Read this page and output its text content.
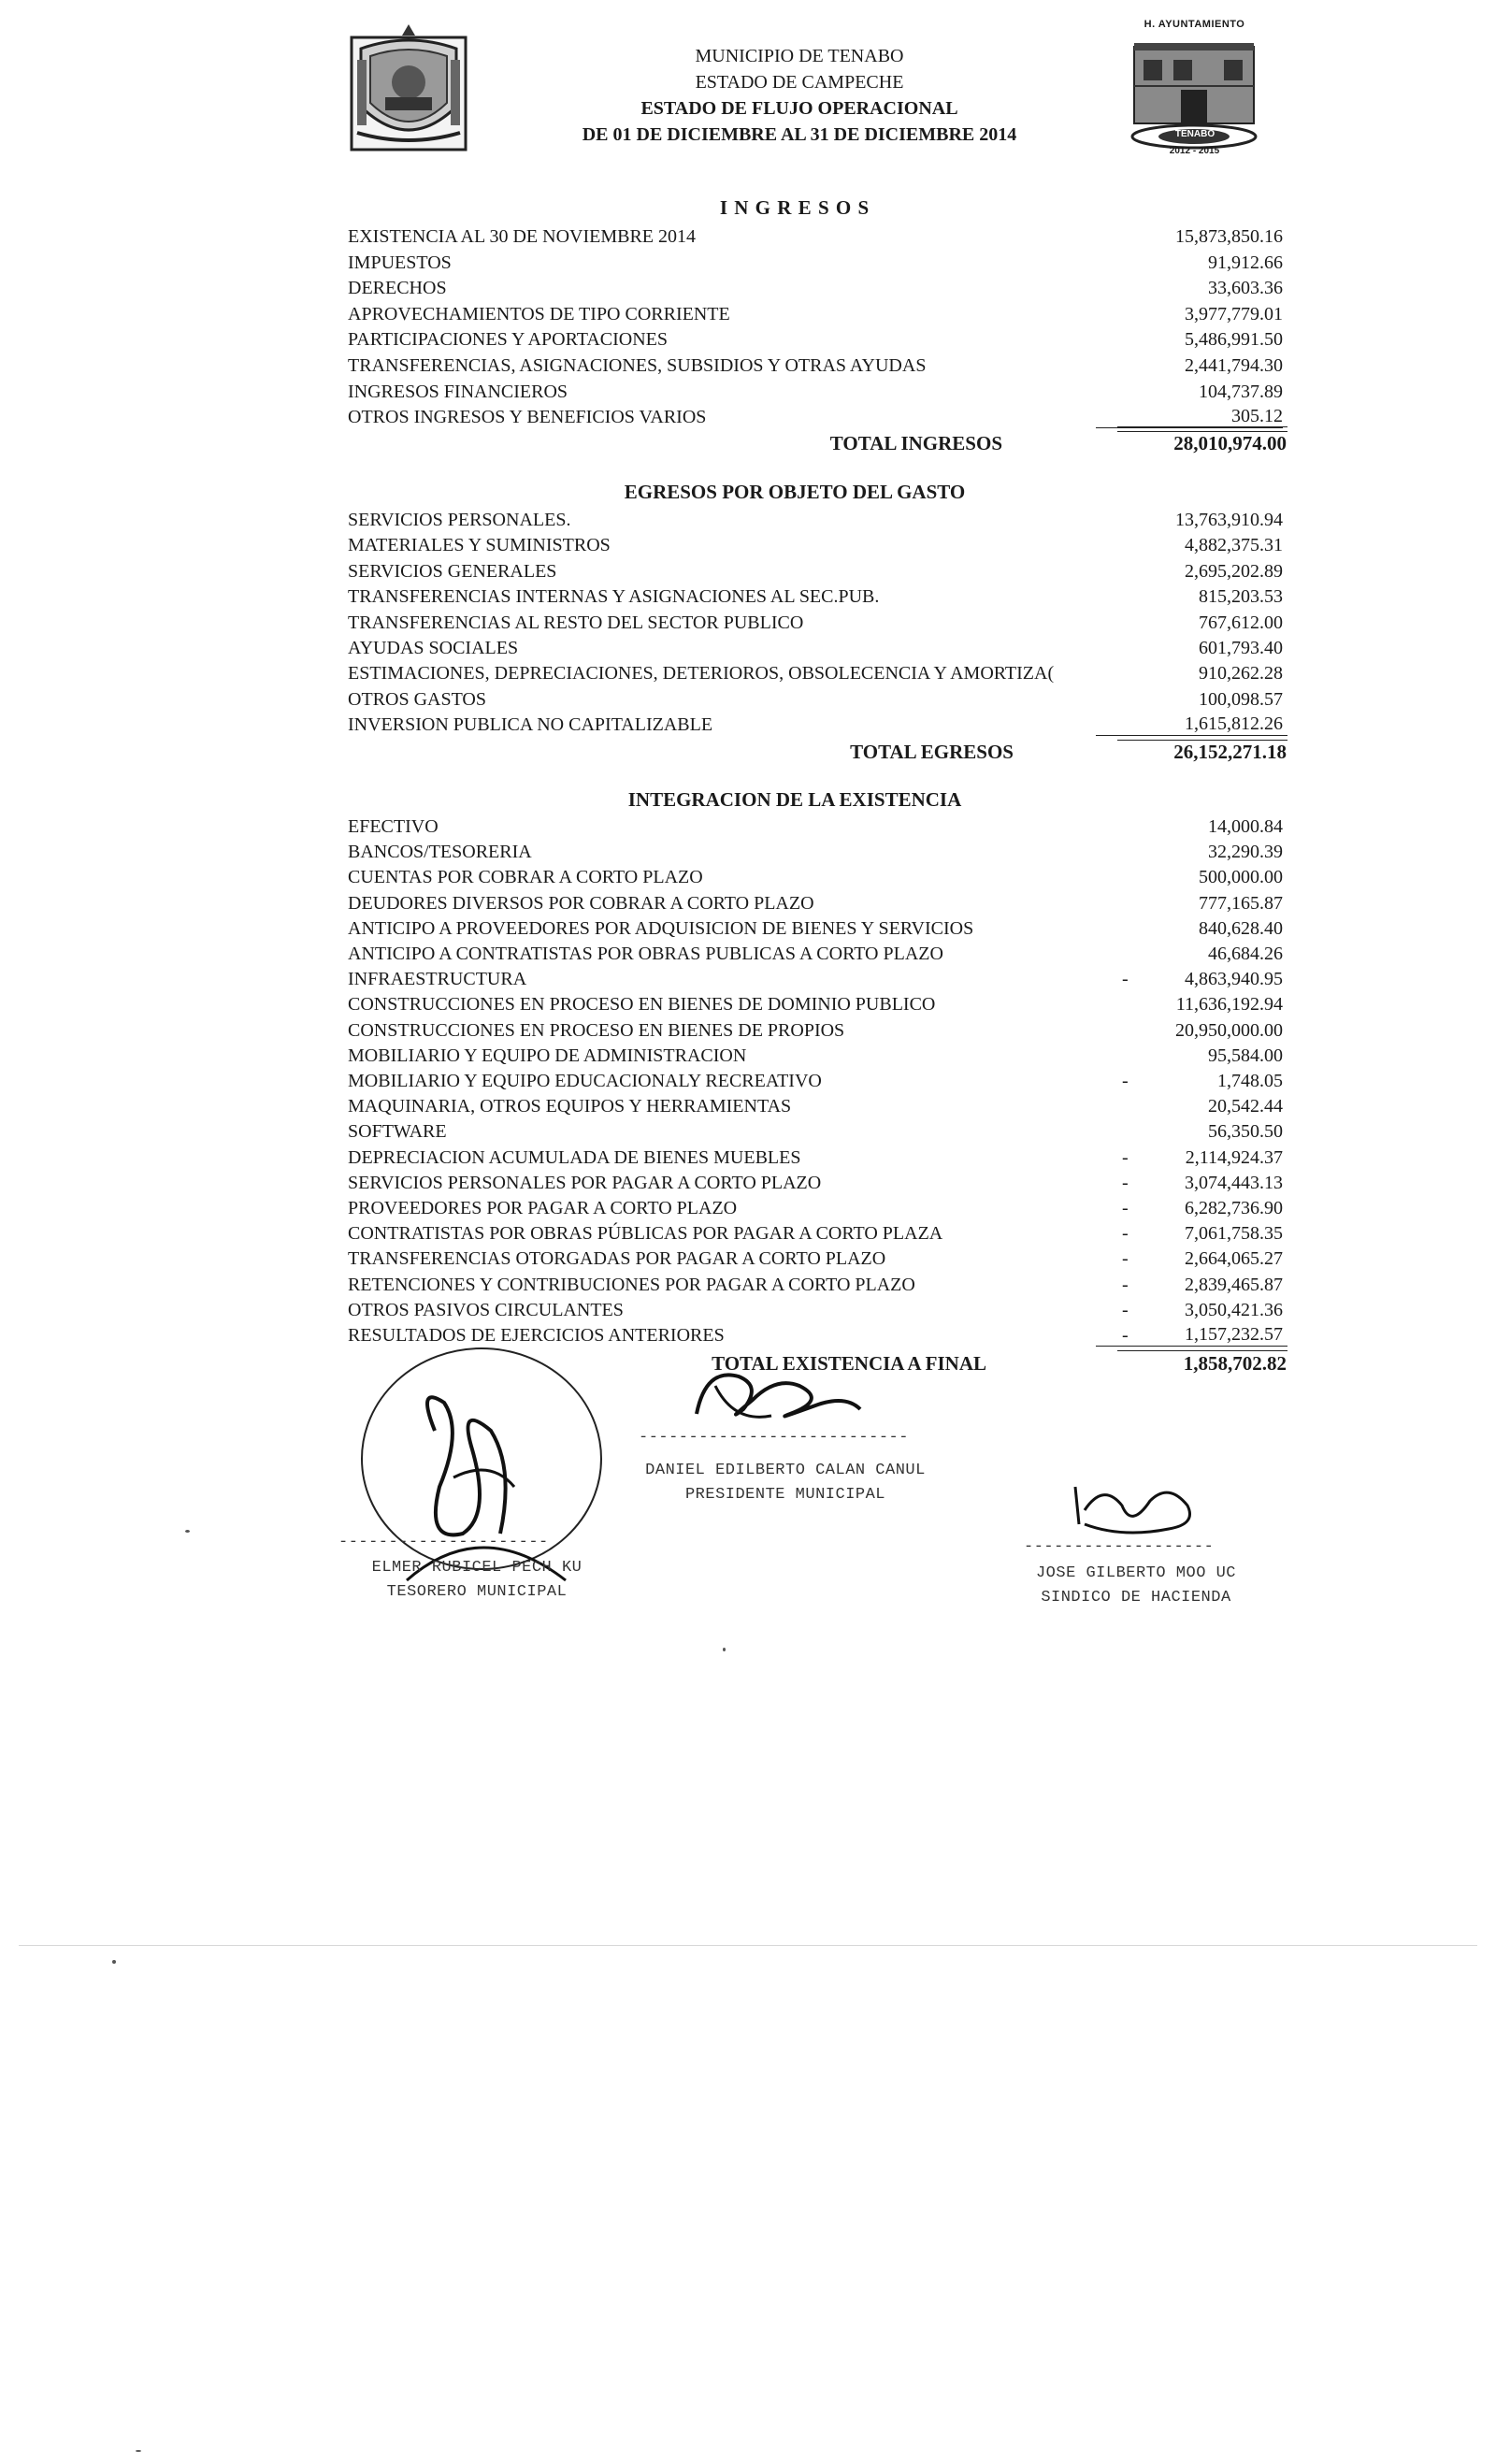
H. AYUNTAMIENTO
TENABO
2012 - 2015
MUNICIPIO DE TENABO
ESTADO DE CAMPECHE
ESTADO DE FLUJO OPERACIONAL
DE 01 DE DICIEMBRE AL 31 DE DICIEMBRE 2014
I N G R E S O S
EXISTENCIA AL 30 DE NOVIEMBRE 2014	15,873,850.16
IMPUESTOS	91,912.66
DERECHOS	33,603.36
APROVECHAMIENTOS DE TIPO CORRIENTE	3,977,779.01
PARTICIPACIONES Y APORTACIONES	5,486,991.50
TRANSFERENCIAS, ASIGNACIONES, SUBSIDIOS Y OTRAS AYUDAS	2,441,794.30
INGRESOS FINANCIEROS	104,737.89
OTROS INGRESOS Y BENEFICIOS VARIOS	305.12
TOTAL INGRESOS	28,010,974.00
EGRESOS POR OBJETO DEL GASTO
SERVICIOS PERSONALES.	13,763,910.94
MATERIALES Y SUMINISTROS	4,882,375.31
SERVICIOS GENERALES	2,695,202.89
TRANSFERENCIAS INTERNAS Y ASIGNACIONES AL SEC.PUB.	815,203.53
TRANSFERENCIAS AL RESTO DEL SECTOR PUBLICO	767,612.00
AYUDAS SOCIALES	601,793.40
ESTIMACIONES, DEPRECIACIONES, DETERIOROS, OBSOLECENCIA Y AMORTIZA(	910,262.28
OTROS GASTOS	100,098.57
INVERSION PUBLICA NO CAPITALIZABLE	1,615,812.26
TOTAL EGRESOS	26,152,271.18
INTEGRACION DE LA EXISTENCIA
EFECTIVO	14,000.84
BANCOS/TESORERIA	32,290.39
CUENTAS POR COBRAR A CORTO PLAZO	500,000.00
DEUDORES DIVERSOS POR COBRAR A CORTO PLAZO	777,165.87
ANTICIPO A PROVEEDORES POR ADQUISICION DE BIENES Y SERVICIOS	840,628.40
ANTICIPO A CONTRATISTAS POR OBRAS PUBLICAS A CORTO PLAZO	46,684.26
INFRAESTRUCTURA	-	4,863,940.95
CONSTRUCCIONES EN PROCESO EN BIENES DE DOMINIO PUBLICO	11,636,192.94
CONSTRUCCIONES EN PROCESO EN BIENES DE PROPIOS	20,950,000.00
MOBILIARIO Y EQUIPO DE ADMINISTRACION	95,584.00
MOBILIARIO Y EQUIPO EDUCACIONALY RECREATIVO	-	1,748.05
MAQUINARIA, OTROS EQUIPOS Y HERRAMIENTAS	20,542.44
SOFTWARE	56,350.50
DEPRECIACION ACUMULADA DE BIENES MUEBLES	-	2,114,924.37
SERVICIOS PERSONALES POR PAGAR A CORTO PLAZO	-	3,074,443.13
PROVEEDORES POR PAGAR A CORTO PLAZO	-	6,282,736.90
CONTRATISTAS POR OBRAS PÚBLICAS POR PAGAR A CORTO PLAZA	-	7,061,758.35
TRANSFERENCIAS OTORGADAS POR PAGAR A CORTO PLAZO	-	2,664,065.27
RETENCIONES Y CONTRIBUCIONES POR PAGAR A CORTO PLAZO	-	2,839,465.87
OTROS PASIVOS CIRCULANTES	-	3,050,421.36
RESULTADOS DE EJERCICIOS ANTERIORES	-	1,157,232.57
TOTAL EXISTENCIA A FINAL	1,858,702.82
---------------------------
DANIEL EDILBERTO CALAN CANUL
PRESIDENTE MUNICIPAL
---------------------
ELMER RUBICEL PECH KU
TESORERO MUNICIPAL
-------------------
JOSE GILBERTO MOO UC
SINDICO DE HACIENDA
